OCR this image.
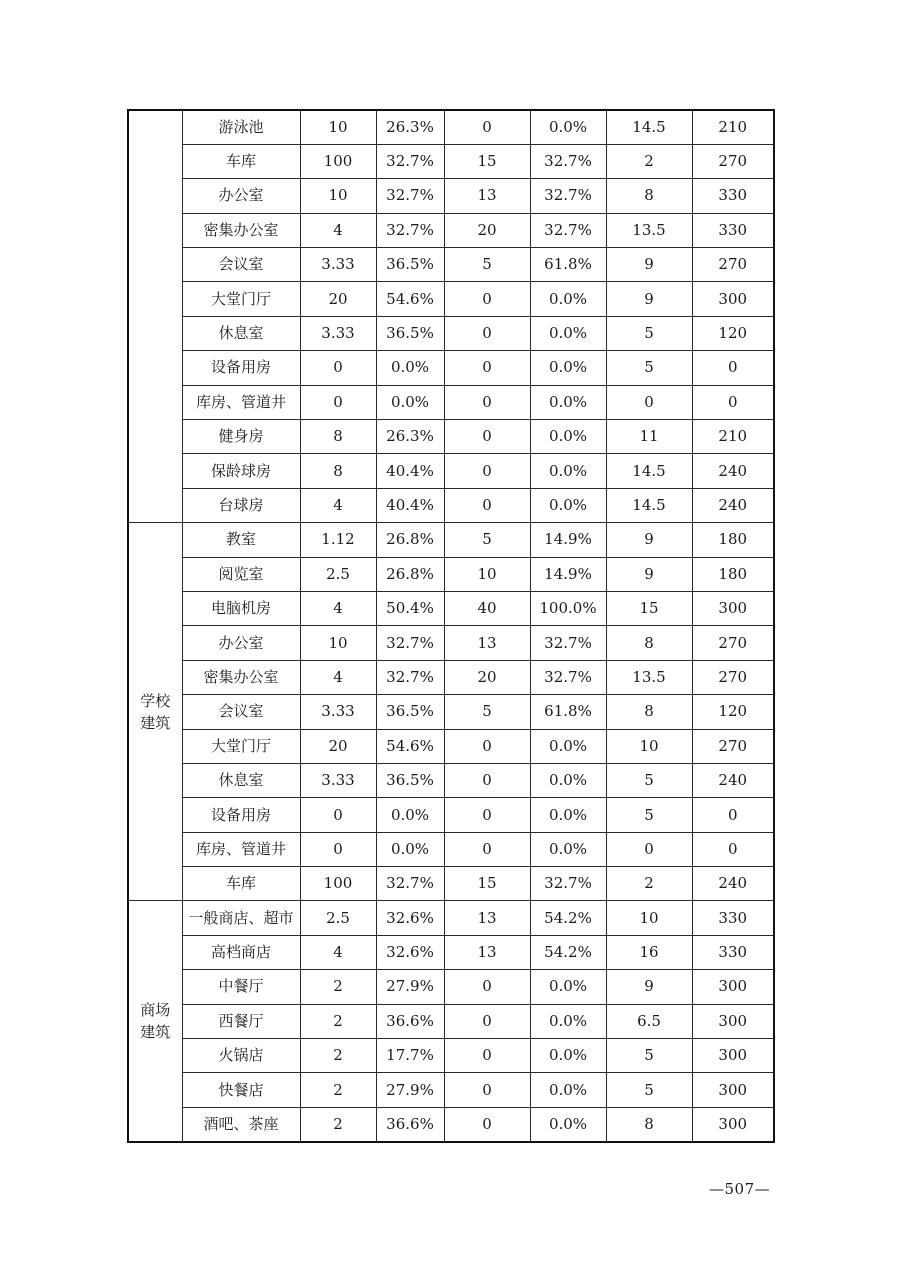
	游泳池	10	26.3%	0	0.0%	14.5	210
	车库	100	32.7%	15	32.7%	2	270
	办公室	10	32.7%	13	32.7%	8	330
	密集办公室	4	32.7%	20	32.7%	13.5	330
	会议室	3.33	36.5%	5	61.8%	9	270
	大堂门厅	20	54.6%	0	0.0%	9	300
	休息室	3.33	36.5%	0	0.0%	5	120
	设备用房	0	0.0%	0	0.0%	5	0
	库房、管道井	0	0.0%	0	0.0%	0	0
	健身房	8	26.3%	0	0.0%	11	210
	保龄球房	8	40.4%	0	0.0%	14.5	240
	台球房	4	40.4%	0	0.0%	14.5	240
学校建筑	教室	1.12	26.8%	5	14.9%	9	180
	阅览室	2.5	26.8%	10	14.9%	9	180
	电脑机房	4	50.4%	40	100.0%	15	300
	办公室	10	32.7%	13	32.7%	8	270
	密集办公室	4	32.7%	20	32.7%	13.5	270
	会议室	3.33	36.5%	5	61.8%	8	120
	大堂门厅	20	54.6%	0	0.0%	10	270
	休息室	3.33	36.5%	0	0.0%	5	240
	设备用房	0	0.0%	0	0.0%	5	0
	库房、管道井	0	0.0%	0	0.0%	0	0
	车库	100	32.7%	15	32.7%	2	240
商场建筑	一般商店、超市	2.5	32.6%	13	54.2%	10	330
	高档商店	4	32.6%	13	54.2%	16	330
	中餐厅	2	27.9%	0	0.0%	9	300
	西餐厅	2	36.6%	0	0.0%	6.5	300
	火锅店	2	17.7%	0	0.0%	5	300
	快餐店	2	27.9%	0	0.0%	5	300
	酒吧、茶座	2	36.6%	0	0.0%	8	300
—507—
